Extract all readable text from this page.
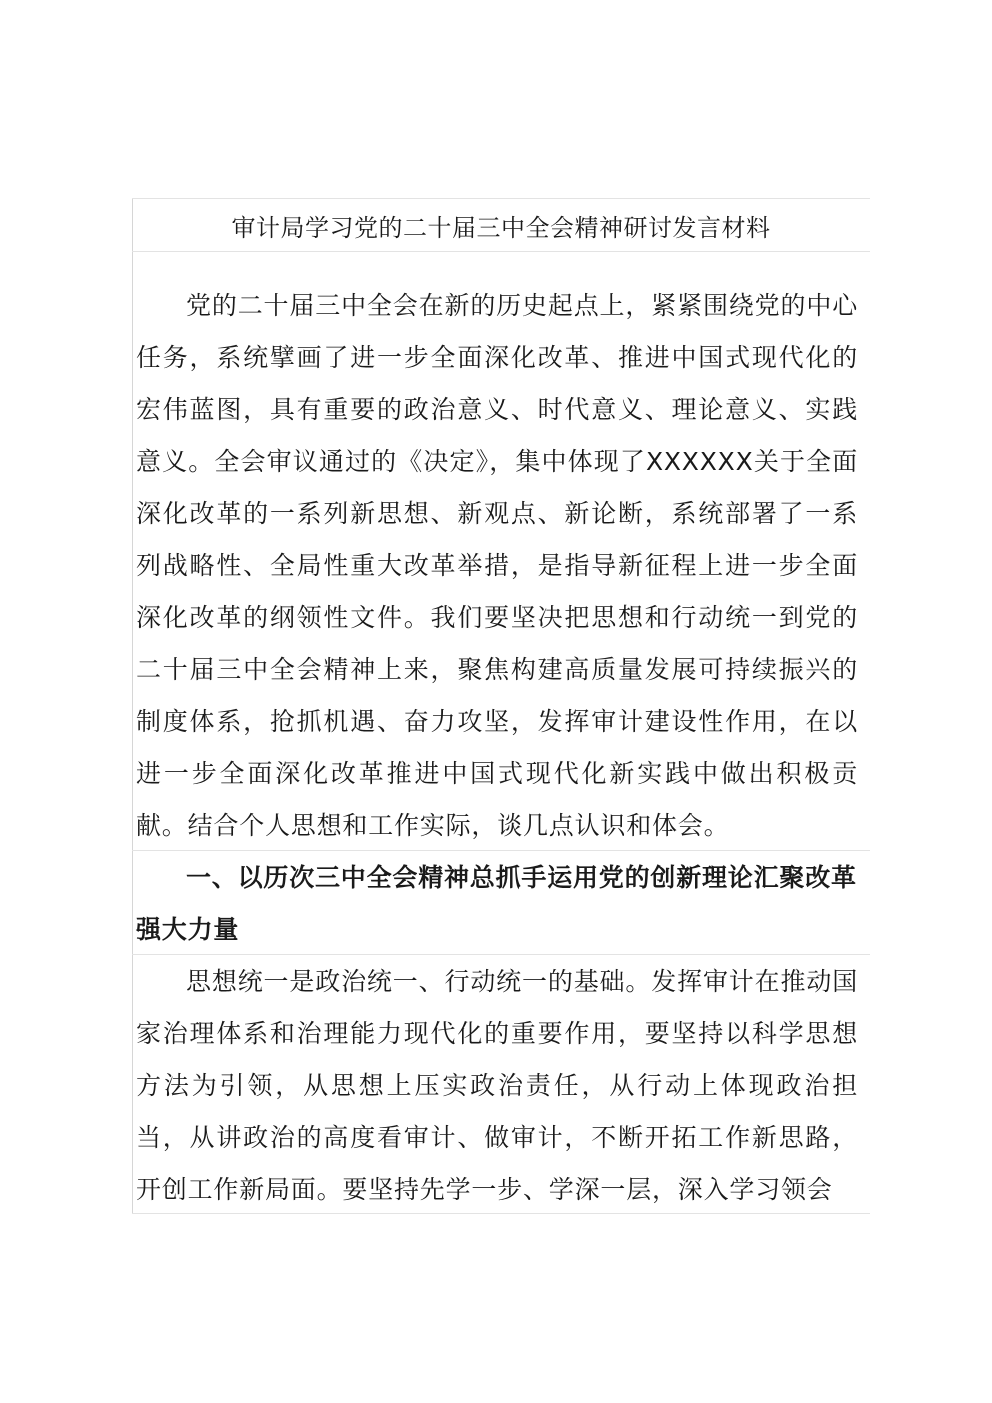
审计局学习党的二十届三中全会精神研讨发言材料

党的二十届三中全会在新的历史起点上，紧紧围绕党的中心任务，系统擘画了进一步全面深化改革、推进中国式现代化的宏伟蓝图，具有重要的政治意义、时代意义、理论意义、实践意义。全会审议通过的《决定》，集中体现了XXXXXX关于全面深化改革的一系列新思想、新观点、新论断，系统部署了一系列战略性、全局性重大改革举措，是指导新征程上进一步全面深化改革的纲领性文件。我们要坚决把思想和行动统一到党的二十届三中全会精神上来，聚焦构建高质量发展可持续振兴的制度体系，抢抓机遇、奋力攻坚，发挥审计建设性作用，在以进一步全面深化改革推进中国式现代化新实践中做出积极贡献。结合个人思想和工作实际，谈几点认识和体会。

一、以历次三中全会精神总抓手运用党的创新理论汇聚改革强大力量

思想统一是政治统一、行动统一的基础。发挥审计在推动国家治理体系和治理能力现代化的重要作用，要坚持以科学思想方法为引领，从思想上压实政治责任，从行动上体现政治担当，从讲政治的高度看审计、做审计，不断开拓工作新思路，开创工作新局面。要坚持先学一步、学深一层，深入学习领会
